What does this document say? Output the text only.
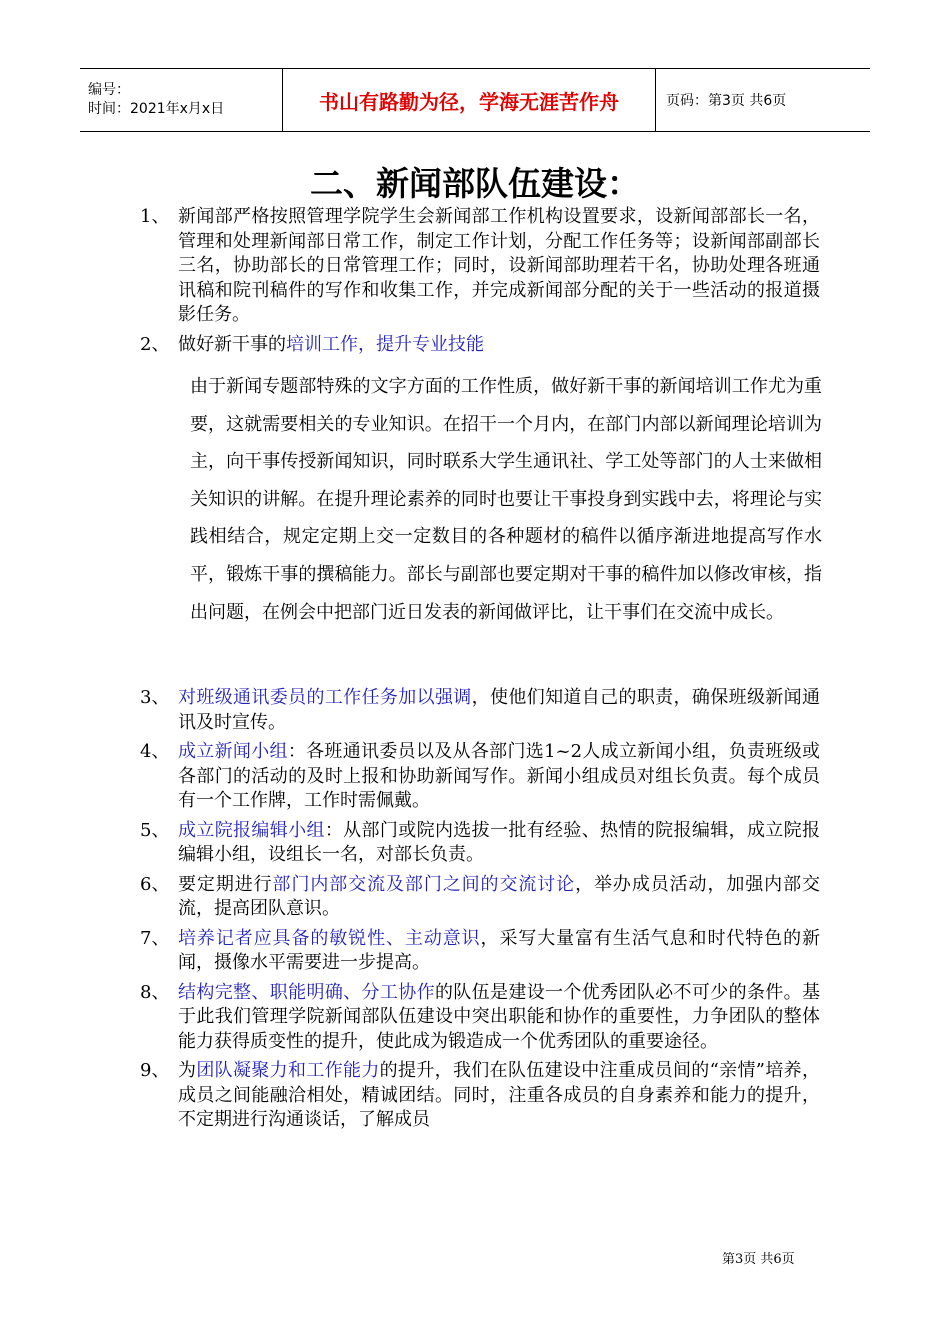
编号：
时间：2021年x月x日	书山有路勤为径，学海无涯苦作舟	页码：第3页 共6页
二、新闻部队伍建设：
1、 新闻部严格按照管理学院学生会新闻部工作机构设置要求，设新闻部部长一名，管理和处理新闻部日常工作，制定工作计划，分配工作任务等；设新闻部副部长三名，协助部长的日常管理工作；同时，设新闻部助理若干名，协助处理各班通讯稿和院刊稿件的写作和收集工作，并完成新闻部分配的关于一些活动的报道摄影任务。
2、 做好新干事的培训工作，提升专业技能

由于新闻专题部特殊的文字方面的工作性质，做好新干事的新闻培训工作尤为重要，这就需要相关的专业知识。在招干一个月内，在部门内部以新闻理论培训为主，向干事传授新闻知识，同时联系大学生通讯社、学工处等部门的人士来做相关知识的讲解。在提升理论素养的同时也要让干事投身到实践中去，将理论与实践相结合，规定定期上交一定数目的各种题材的稿件以循序渐进地提高写作水平，锻炼干事的撰稿能力。部长与副部也要定期对干事的稿件加以修改审核，指出问题，在例会中把部门近日发表的新闻做评比，让干事们在交流中成长。

3、 对班级通讯委员的工作任务加以强调，使他们知道自己的职责，确保班级新闻通讯及时宣传。
4、 成立新闻小组：各班通讯委员以及从各部门选1~2人成立新闻小组，负责班级或各部门的活动的及时上报和协助新闻写作。新闻小组成员对组长负责。每个成员有一个工作牌，工作时需佩戴。
5、 成立院报编辑小组：从部门或院内选拔一批有经验、热情的院报编辑，成立院报编辑小组，设组长一名，对部长负责。
6、 要定期进行部门内部交流及部门之间的交流讨论，举办成员活动，加强内部交流，提高团队意识。
7、 培养记者应具备的敏锐性、主动意识，采写大量富有生活气息和时代特色的新闻，摄像水平需要进一步提高。
8、 结构完整、职能明确、分工协作的队伍是建设一个优秀团队必不可少的条件。基于此我们管理学院新闻部队伍建设中突出职能和协作的重要性，力争团队的整体能力获得质变性的提升，使此成为锻造成一个优秀团队的重要途径。
9、 为团队凝聚力和工作能力的提升，我们在队伍建设中注重成员间的“亲情”培养，成员之间能融洽相处，精诚团结。同时，注重各成员的自身素养和能力的提升，不定期进行沟通谈话，了解成员
第3页 共6页
